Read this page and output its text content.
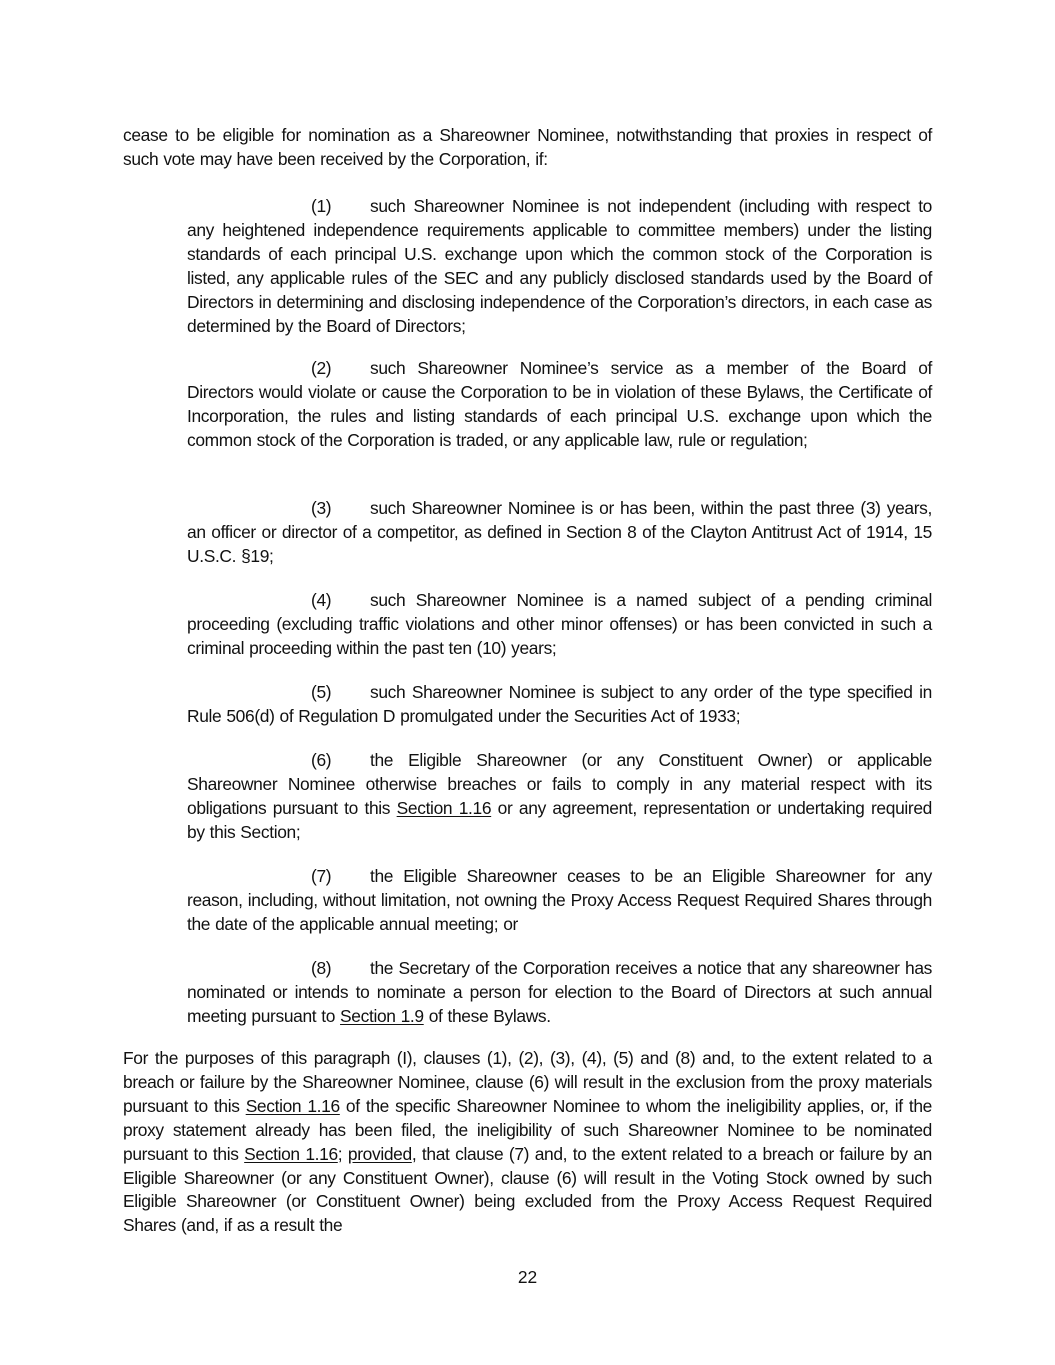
cease to be eligible for nomination as a Shareowner Nominee, notwithstanding that proxies in respect of such vote may have been received by the Corporation, if:

(1) such Shareowner Nominee is not independent (including with respect to any heightened independence requirements applicable to committee members) under the listing standards of each principal U.S. exchange upon which the common stock of the Corporation is listed, any applicable rules of the SEC and any publicly disclosed standards used by the Board of Directors in determining and disclosing independence of the Corporation’s directors, in each case as determined by the Board of Directors;

(2) such Shareowner Nominee’s service as a member of the Board of Directors would violate or cause the Corporation to be in violation of these Bylaws, the Certificate of Incorporation, the rules and listing standards of each principal U.S. exchange upon which the common stock of the Corporation is traded, or any applicable law, rule or regulation;

(3) such Shareowner Nominee is or has been, within the past three (3) years, an officer or director of a competitor, as defined in Section 8 of the Clayton Antitrust Act of 1914, 15 U.S.C. §19;

(4) such Shareowner Nominee is a named subject of a pending criminal proceeding (excluding traffic violations and other minor offenses) or has been convicted in such a criminal proceeding within the past ten (10) years;

(5) such Shareowner Nominee is subject to any order of the type specified in Rule 506(d) of Regulation D promulgated under the Securities Act of 1933;

(6) the Eligible Shareowner (or any Constituent Owner) or applicable Shareowner Nominee otherwise breaches or fails to comply in any material respect with its obligations pursuant to this Section 1.16 or any agreement, representation or undertaking required by this Section;

(7) the Eligible Shareowner ceases to be an Eligible Shareowner for any reason, including, without limitation, not owning the Proxy Access Request Required Shares through the date of the applicable annual meeting; or

(8) the Secretary of the Corporation receives a notice that any shareowner has nominated or intends to nominate a person for election to the Board of Directors at such annual meeting pursuant to Section 1.9 of these Bylaws.

For the purposes of this paragraph (I), clauses (1), (2), (3), (4), (5) and (8) and, to the extent related to a breach or failure by the Shareowner Nominee, clause (6) will result in the exclusion from the proxy materials pursuant to this Section 1.16 of the specific Shareowner Nominee to whom the ineligibility applies, or, if the proxy statement already has been filed, the ineligibility of such Shareowner Nominee to be nominated pursuant to this Section 1.16; provided, that clause (7) and, to the extent related to a breach or failure by an Eligible Shareowner (or any Constituent Owner), clause (6) will result in the Voting Stock owned by such Eligible Shareowner (or Constituent Owner) being excluded from the Proxy Access Request Required Shares (and, if as a result the

22
